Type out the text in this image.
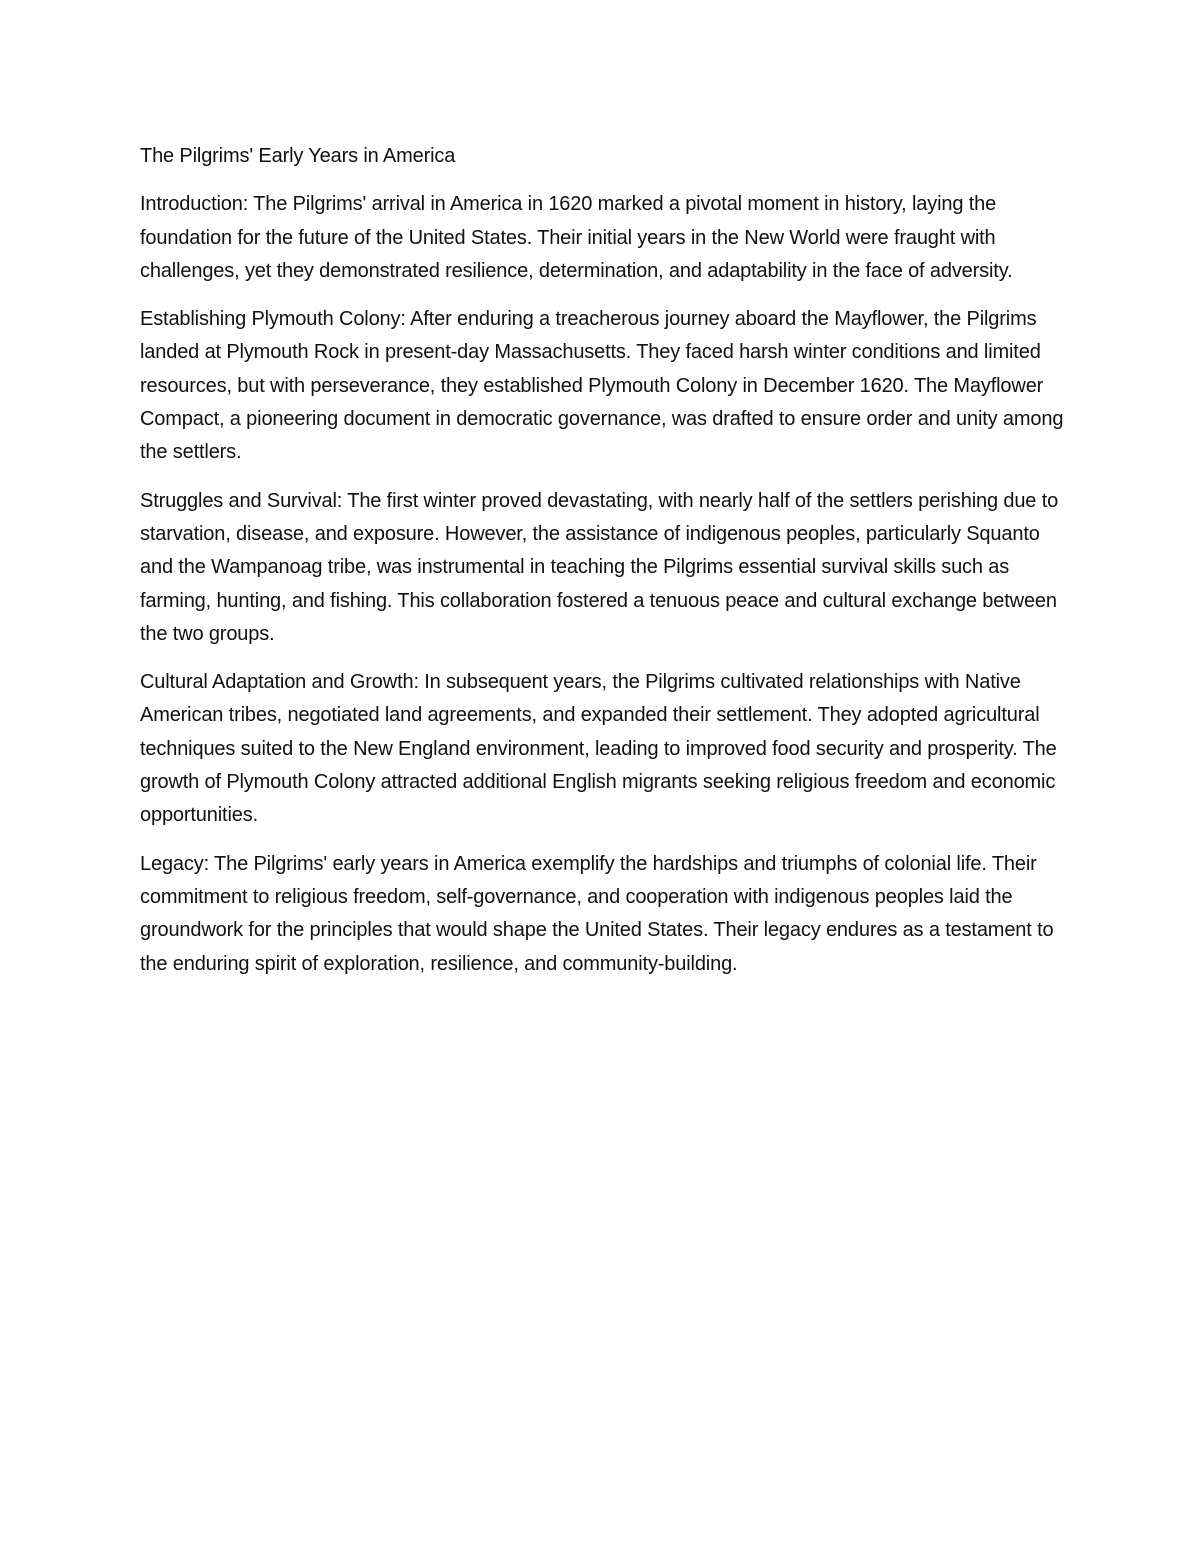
The Pilgrims' Early Years in America

Introduction: The Pilgrims' arrival in America in 1620 marked a pivotal moment in history, laying the foundation for the future of the United States. Their initial years in the New World were fraught with challenges, yet they demonstrated resilience, determination, and adaptability in the face of adversity.

Establishing Plymouth Colony: After enduring a treacherous journey aboard the Mayflower, the Pilgrims landed at Plymouth Rock in present-day Massachusetts. They faced harsh winter conditions and limited resources, but with perseverance, they established Plymouth Colony in December 1620. The Mayflower Compact, a pioneering document in democratic governance, was drafted to ensure order and unity among the settlers.

Struggles and Survival: The first winter proved devastating, with nearly half of the settlers perishing due to starvation, disease, and exposure. However, the assistance of indigenous peoples, particularly Squanto and the Wampanoag tribe, was instrumental in teaching the Pilgrims essential survival skills such as farming, hunting, and fishing. This collaboration fostered a tenuous peace and cultural exchange between the two groups.

Cultural Adaptation and Growth: In subsequent years, the Pilgrims cultivated relationships with Native American tribes, negotiated land agreements, and expanded their settlement. They adopted agricultural techniques suited to the New England environment, leading to improved food security and prosperity. The growth of Plymouth Colony attracted additional English migrants seeking religious freedom and economic opportunities.

Legacy: The Pilgrims' early years in America exemplify the hardships and triumphs of colonial life. Their commitment to religious freedom, self-governance, and cooperation with indigenous peoples laid the groundwork for the principles that would shape the United States. Their legacy endures as a testament to the enduring spirit of exploration, resilience, and community-building.
